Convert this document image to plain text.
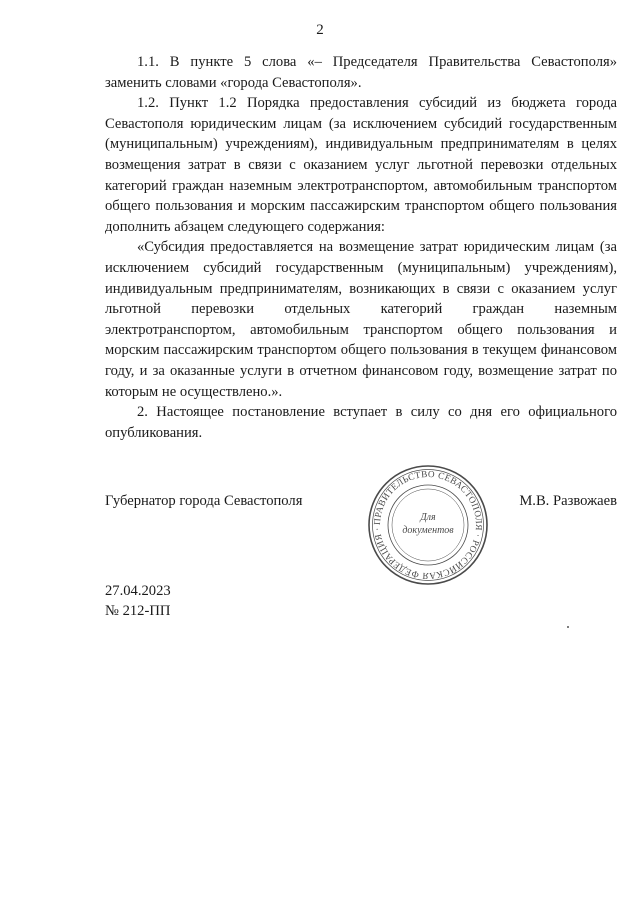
2

1.1. В пункте 5 слова «– Председателя Правительства Севастополя» заменить словами «города Севастополя».

1.2. Пункт 1.2 Порядка предоставления субсидий из бюджета города Севастополя юридическим лицам (за исключением субсидий государственным (муниципальным) учреждениям), индивидуальным предпринимателям в целях возмещения затрат в связи с оказанием услуг льготной перевозки отдельных категорий граждан наземным электротранспортом, автомобильным транспортом общего пользования и морским пассажирским транспортом общего пользования дополнить абзацем следующего содержания:

«Субсидия предоставляется на возмещение затрат юридическим лицам (за исключением субсидий государственным (муниципальным) учреждениям), индивидуальным предпринимателям, возникающих в связи с оказанием услуг льготной перевозки отдельных категорий граждан наземным электротранспортом, автомобильным транспортом общего пользования и морским пассажирским транспортом общего пользования в текущем финансовом году, и за оказанные услуги в отчетном финансовом году, возмещение затрат по которым не осуществлено.».

2. Настоящее постановление вступает в силу со дня его официального опубликования.

Губернатор города Севастополя	М.В. Развожаев
ПРАВИТЕЛЬСТВО СЕВАСТОПОЛЯ · РОССИЙСКАЯ ФЕДЕРАЦИЯ ·
Для
документов
27.04.2023
№ 212-ПП
